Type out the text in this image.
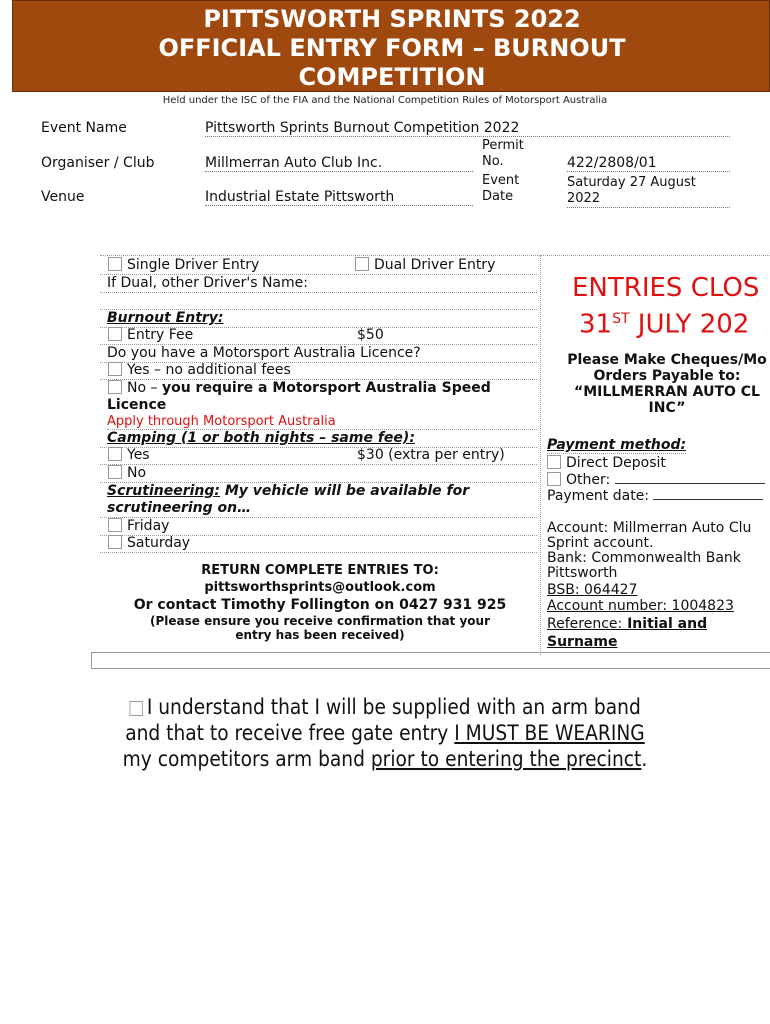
PITTSWORTH SPRINTS 2022
OFFICIAL ENTRY FORM – BURNOUT
COMPETITION
Held under the ISC of the FIA and the National Competition Rules of Motorsport Australia
Event Name	Pittsworth Sprints Burnout Competition 2022
Organiser / Club	Millmerran Auto Club Inc.
Venue	Industrial Estate Pittsworth
Permit
No.	422/2808/01
Event
Date
Saturday 27 August
2022
Single Driver Entry	Dual Driver Entry
If Dual, other Driver's Name:
Burnout Entry:
Entry Fee	$50
Do you have a Motorsport Australia Licence?
Yes – no additional fees
No – you require a Motorsport Australia Speed
Licence
Apply through Motorsport Australia
Camping (1 or both nights – same fee):
Yes	$30 (extra per entry)
No
Scrutineering: My vehicle will be available for
scrutineering on…
Friday
Saturday
RETURN COMPLETE ENTRIES TO:
pittsworthsprints@outlook.com
Or contact Timothy Follington on 0427 931 925
(Please ensure you receive confirmation that your
entry has been received)
ENTRIES CLOS
31ST JULY 202
Please Make Cheques/Mo
Orders Payable to:
“MILLMERRAN AUTO CL
INC”
Payment method:
Direct Deposit
Other:
Payment date:
Account: Millmerran Auto Clu
Sprint account.
Bank: Commonwealth Bank
Pittsworth
BSB: 064427
Account number: 1004823
Reference: Initial and
Surname
I understand that I will be supplied with an arm band
and that to receive free gate entry I MUST BE WEARING
my competitors arm band prior to entering the precinct.
